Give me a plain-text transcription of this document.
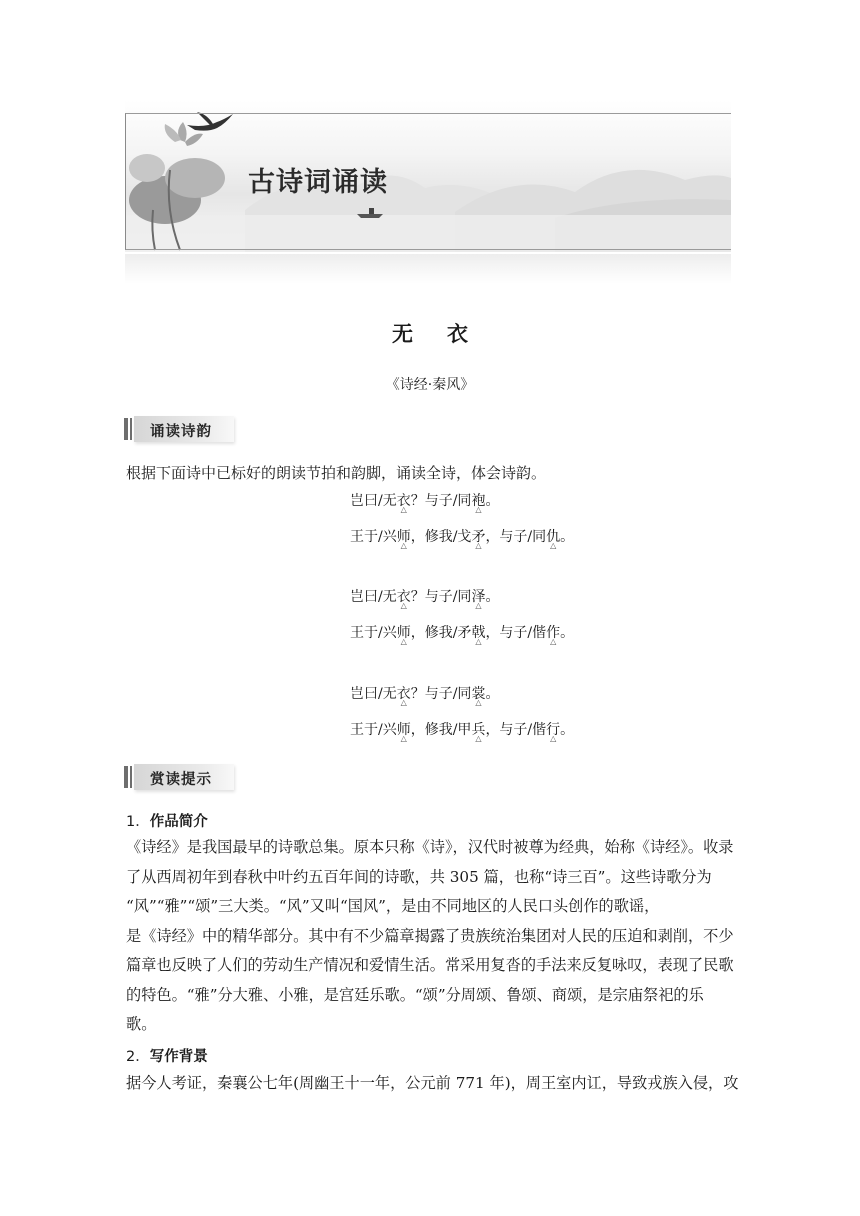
古诗词诵读
无 衣
《诗经·秦风》
诵读诗韵
根据下面诗中已标好的朗读节拍和韵脚，诵读全诗，体会诗韵。
岂曰/无衣 △？与子/同袍 △。
王于/兴师 △，修我/戈矛 △，与子/同仇 △。
岂曰/无衣 △？与子/同泽 △。
王于/兴师 △，修我/矛戟 △，与子/偕作 △。
岂曰/无衣 △？与子/同裳 △。
王于/兴师 △，修我/甲兵 △，与子/偕行 △。
赏读提示
1．作品简介
《诗经》是我国最早的诗歌总集。原本只称《诗》，汉代时被尊为经典，始称《诗经》。收录
了从西周初年到春秋中叶约五百年间的诗歌，共 305 篇，也称“诗三百”。这些诗歌分为
“风”“雅”“颂”三大类。“风”又叫“国风”，是由不同地区的人民口头创作的歌谣，
是《诗经》中的精华部分。其中有不少篇章揭露了贵族统治集团对人民的压迫和剥削，不少
篇章也反映了人们的劳动生产情况和爱情生活。常采用复沓的手法来反复咏叹，表现了民歌
的特色。“雅”分大雅、小雅，是宫廷乐歌。“颂”分周颂、鲁颂、商颂，是宗庙祭祀的乐
歌。
2．写作背景
据今人考证，秦襄公七年(周幽王十一年，公元前 771 年)，周王室内讧，导致戎族入侵，攻
